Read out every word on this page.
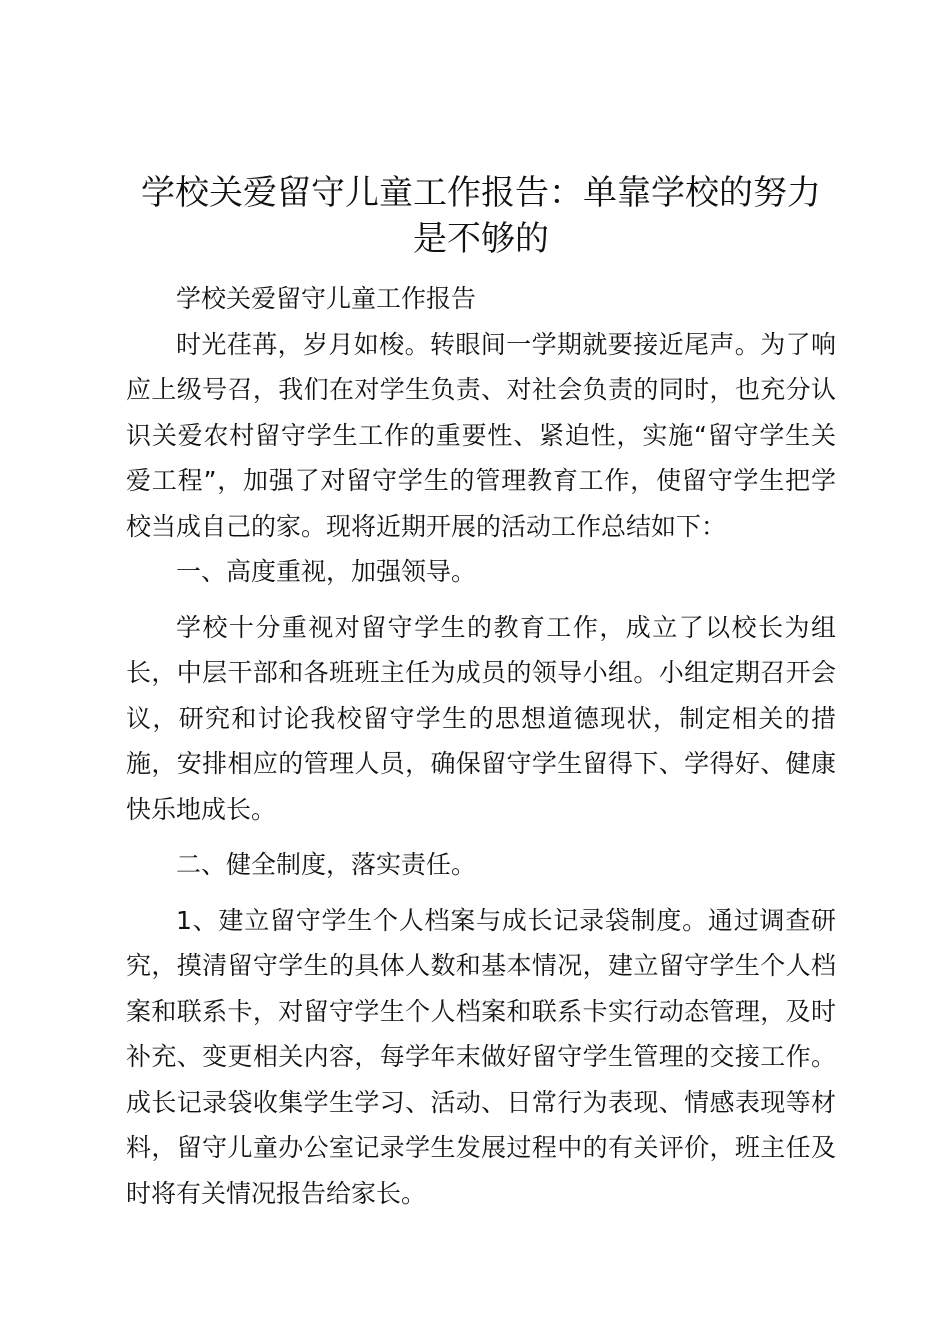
学校关爱留守儿童工作报告：单靠学校的努力
是不够的

学校关爱留守儿童工作报告

时光荏苒，岁月如梭。转眼间一学期就要接近尾声。为了响应上级号召，我们在对学生负责、对社会负责的同时，也充分认识关爱农村留守学生工作的重要性、紧迫性，实施“留守学生关爱工程”，加强了对留守学生的管理教育工作，使留守学生把学校当成自己的家。现将近期开展的活动工作总结如下：

一、高度重视，加强领导。

学校十分重视对留守学生的教育工作，成立了以校长为组长，中层干部和各班班主任为成员的领导小组。小组定期召开会议，研究和讨论我校留守学生的思想道德现状，制定相关的措施，安排相应的管理人员，确保留守学生留得下、学得好、健康快乐地成长。

二、健全制度，落实责任。

1、建立留守学生个人档案与成长记录袋制度。通过调查研究，摸清留守学生的具体人数和基本情况，建立留守学生个人档案和联系卡，对留守学生个人档案和联系卡实行动态管理，及时补充、变更相关内容，每学年末做好留守学生管理的交接工作。成长记录袋收集学生学习、活动、日常行为表现、情感表现等材料，留守儿童办公室记录学生发展过程中的有关评价，班主任及时将有关情况报告给家长。
